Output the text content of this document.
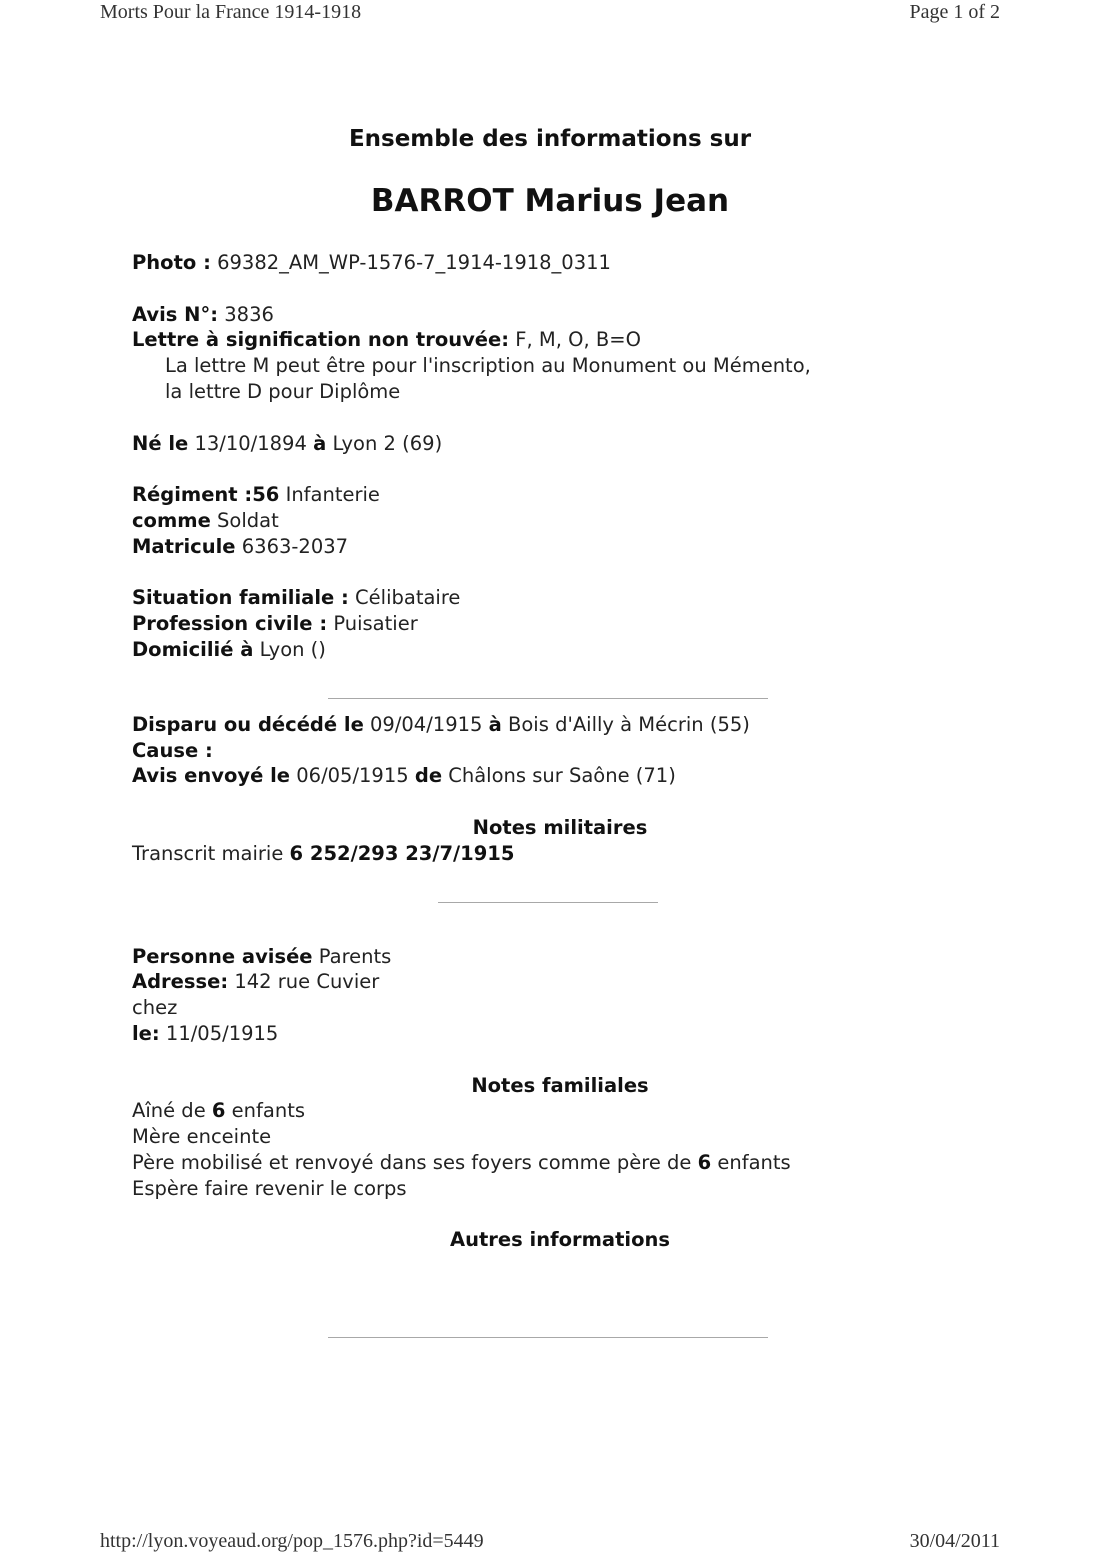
Morts Pour la France 1914-1918	Page 1 of 2
Ensemble des informations sur
BARROT Marius Jean
Photo : 69382_AM_WP-1576-7_1914-1918_0311
Avis N°: 3836
Lettre à signification non trouvée: F, M, O, B=O
La lettre M peut être pour l'inscription au Monument ou Mémento,
la lettre D pour Diplôme
Né le 13/10/1894 à Lyon 2 (69)
Régiment :56 Infanterie
comme Soldat
Matricule 6363-2037
Situation familiale : Célibataire
Profession civile : Puisatier
Domicilié à Lyon ()
Disparu ou décédé le 09/04/1915 à Bois d'Ailly à Mécrin (55)
Cause :
Avis envoyé le 06/05/1915 de Châlons sur Saône (71)
Notes militaires
Transcrit mairie 6 252/293 23/7/1915
Personne avisée Parents
Adresse: 142 rue Cuvier
chez
le: 11/05/1915
Notes familiales
Aîné de 6 enfants
Mère enceinte
Père mobilisé et renvoyé dans ses foyers comme père de 6 enfants
Espère faire revenir le corps
Autres informations
http://lyon.voyeaud.org/pop_1576.php?id=5449	30/04/2011
